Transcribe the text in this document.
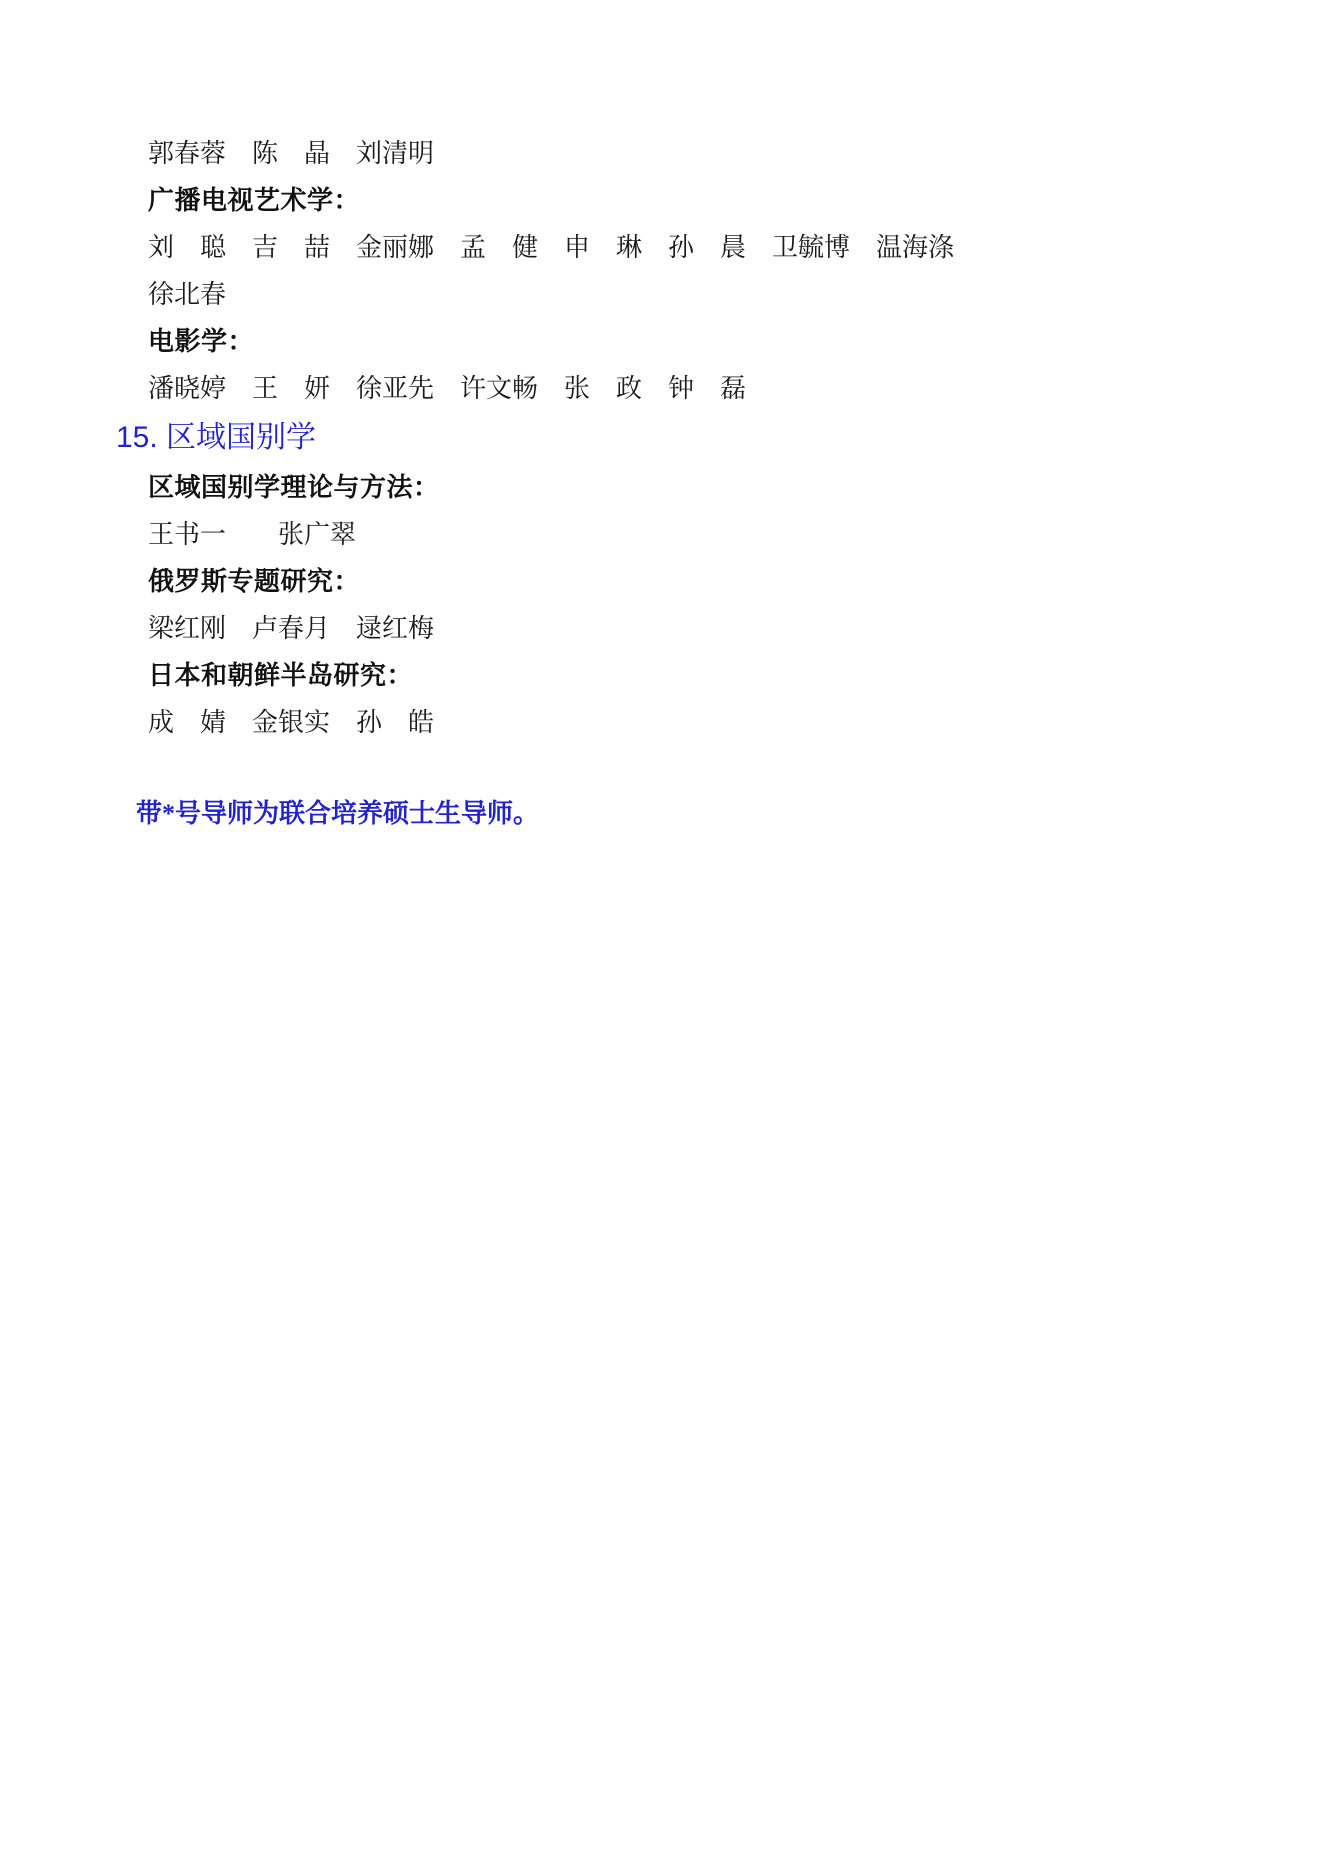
郭春蓉　陈　晶　刘清明
广播电视艺术学：
刘　聪　吉　喆　金丽娜　孟　健　申　琳　孙　晨　卫毓博　温海涤
徐北春
电影学：
潘晓婷　王　妍　徐亚先　许文畅　张　政　钟　磊
15. 区域国别学
区域国别学理论与方法：
王书一　　张广翠
俄罗斯专题研究：
梁红刚　卢春月　逯红梅
日本和朝鲜半岛研究：
成　婧　金银实　孙　皓
带*号导师为联合培养硕士生导师。
